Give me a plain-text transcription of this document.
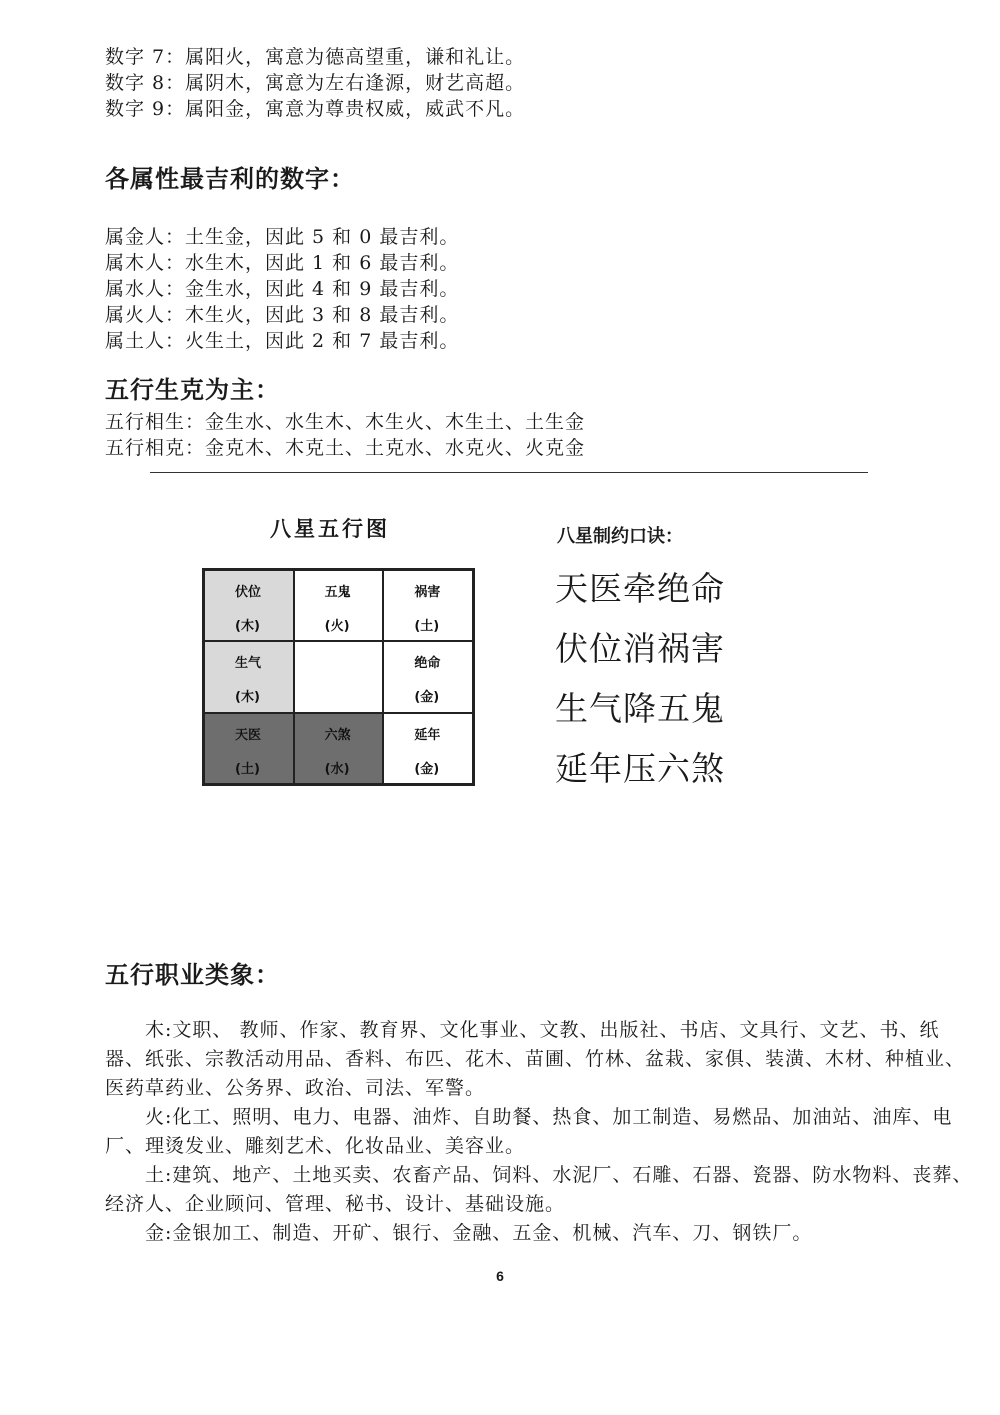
数字 7：属阳火，寓意为德高望重，谦和礼让。
数字 8：属阴木，寓意为左右逢源，财艺高超。
数字 9：属阳金，寓意为尊贵权威，威武不凡。
各属性最吉利的数字：
属金人：土生金，因此 5 和 0 最吉利。
属木人：水生木，因此 1 和 6 最吉利。
属水人：金生水，因此 4 和 9 最吉利。
属火人：木生火，因此 3 和 8 最吉利。
属土人：火生土，因此 2 和 7 最吉利。
五行生克为主：
五行相生：金生水、水生木、木生火、木生土、土生金
五行相克：金克木、木克土、土克水、水克火、火克金
八星五行图
伏位
(木)
五鬼
(火)
祸害
(土)
生气
(木)
绝命
(金)
天医
(土)
六煞
(水)
延年
(金)
八星制约口诀：
天医牵绝命
伏位消祸害
生气降五鬼
延年压六煞
五行职业类象：
木:文职、 教师、作家、教育界、文化事业、文教、出版社、书店、文具行、文艺、书、纸器、纸张、宗教活动用品、香料、布匹、花木、苗圃、竹林、盆栽、家俱、装潢、木材、种植业、医药草药业、公务界、政治、司法、军警。
火:化工、照明、电力、电器、油炸、自助餐、热食、加工制造、易燃品、加油站、油库、电厂、理烫发业、雕刻艺术、化妆品业、美容业。
土:建筑、地产、土地买卖、农畜产品、饲料、水泥厂、石雕、石器、瓷器、防水物料、丧葬、经济人、企业顾问、管理、秘书、设计、基础设施。
金:金银加工、制造、开矿、银行、金融、五金、机械、汽车、刀、钢铁厂。
6
